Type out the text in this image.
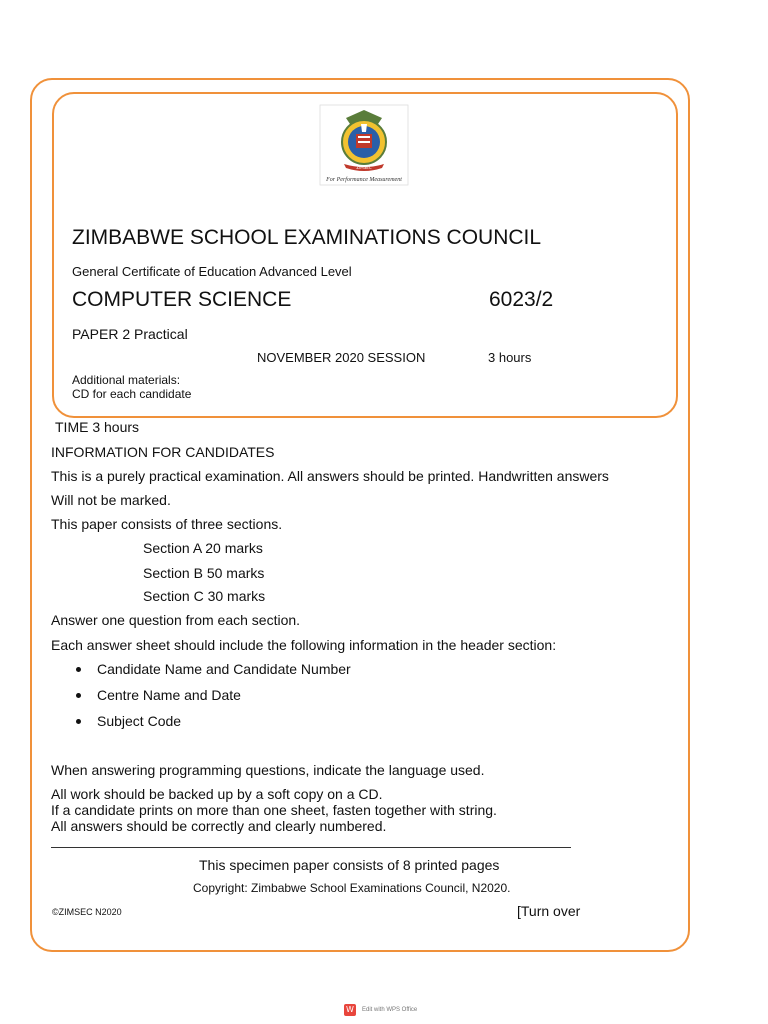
ZIMSEC
For Performance Measurement
ZIMBABWE SCHOOL EXAMINATIONS COUNCIL
General Certificate of Education Advanced Level
COMPUTER SCIENCE	6023/2
PAPER 2 Practical
NOVEMBER 2020 SESSION	3 hours
Additional materials:
CD for each candidate
TIME 3 hours
INFORMATION FOR CANDIDATES
This is a purely practical examination. All answers should be printed. Handwritten answers
Will not be marked.
This paper consists of three sections.
Section A 20 marks
Section B 50 marks
Section C 30 marks
Answer one question from each section.
Each answer sheet should include the following information in the header section:
Candidate Name and Candidate Number
Centre Name and Date
Subject Code
When answering programming questions, indicate the language used.
All work should be backed up by a soft copy on a CD.
If a candidate prints on more than one sheet, fasten together with string.
All answers should be correctly and clearly numbered.
This specimen paper consists of 8 printed pages
Copyright: Zimbabwe School Examinations Council, N2020.
©ZIMSEC N2020	[Turn over
W	Edit with WPS Office
